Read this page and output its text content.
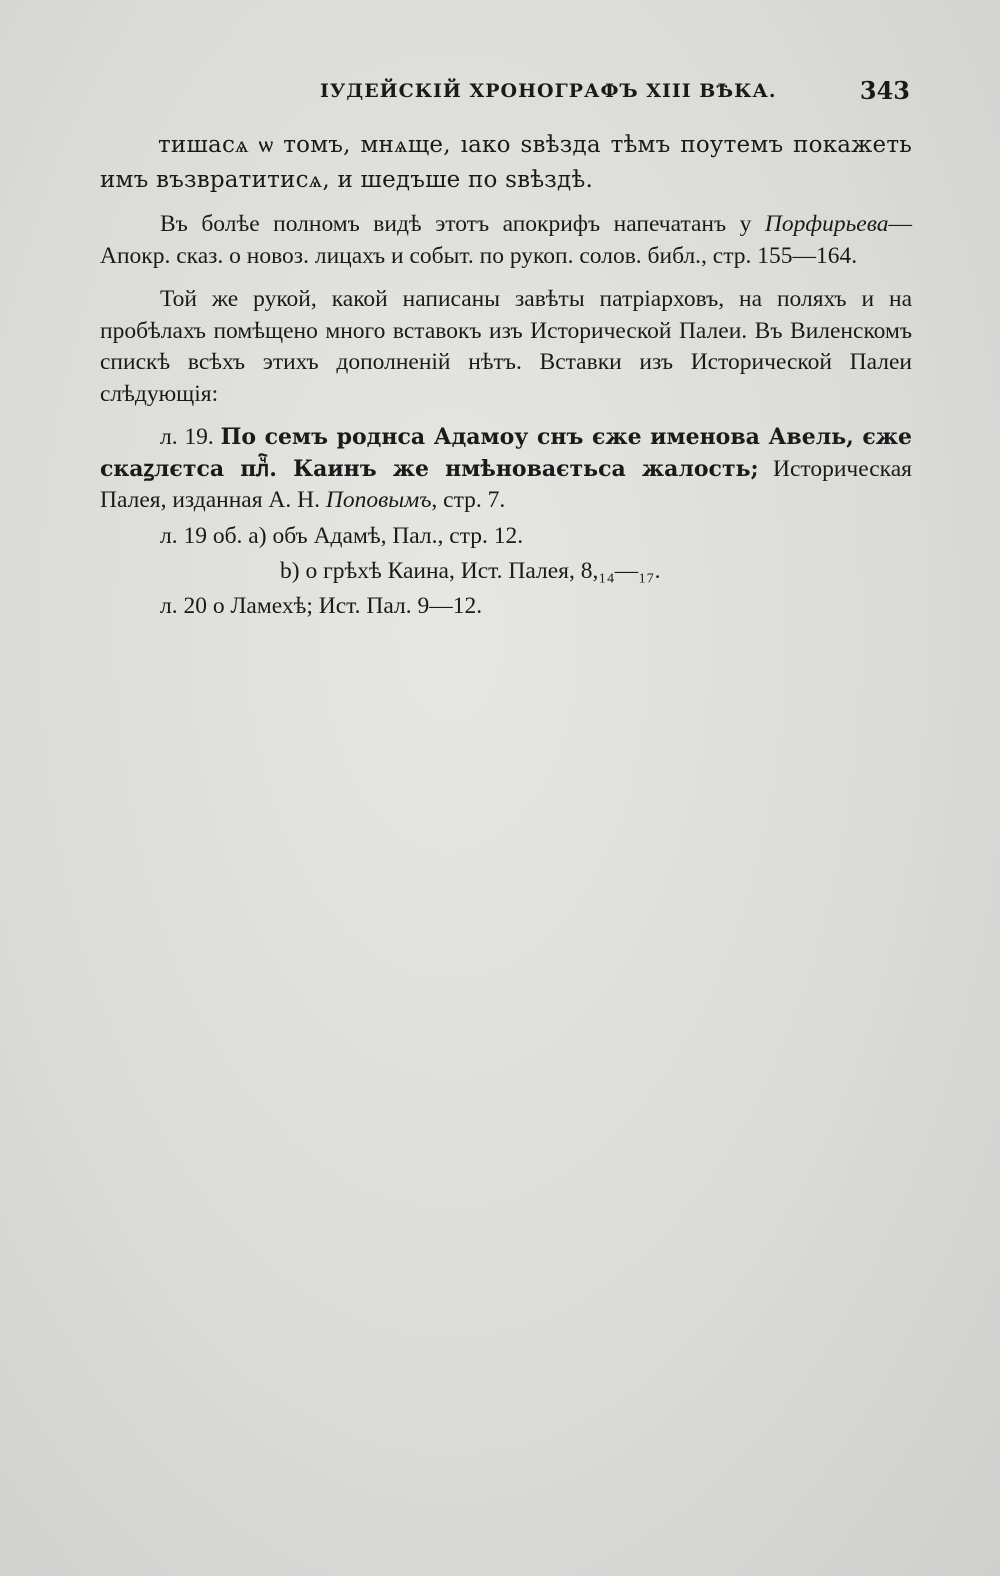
ІУДЕЙСКІЙ ХРОНОГРАФЪ XIII ВѢКА.	343

тишасѧ ѡ томъ, мнѧще, ıако ѕвѣзда тѣмъ поутемъ покажеть имъ възвратитисѧ, и шедъше по ѕвѣздѣ.

Въ болѣе полномъ видѣ этотъ апокрифъ напечатанъ у Порфирьева—Апокр. сказ. о новоз. лицахъ и событ. по рукоп. солов. библ., стр. 155—164.

Той же рукой, какой написаны завѣты патріарховъ, на поляхъ и на пробѣлахъ помѣщено много вставокъ изъ Исторической Палеи. Въ Виленскомъ спискѣ всѣхъ этихъ дополненій нѣтъ. Вставки изъ Исторической Палеи слѣдующія:

л. 19. По семъ роднса Адамоу снъ єже именова Авель, єже скаꙁлєтса плⷱ҇. Каинъ же нмѣноваєтьса жалость; Историческая Палея, изданная А. Н. Поповымъ, стр. 7.

л. 19 об. а) объ Адамѣ, Пал., стр. 12.
b) о грѣхѣ Каина, Ист. Палея, 8,₁₄—₁₇.
л. 20 о Ламехѣ; Ист. Пал. 9—12.
